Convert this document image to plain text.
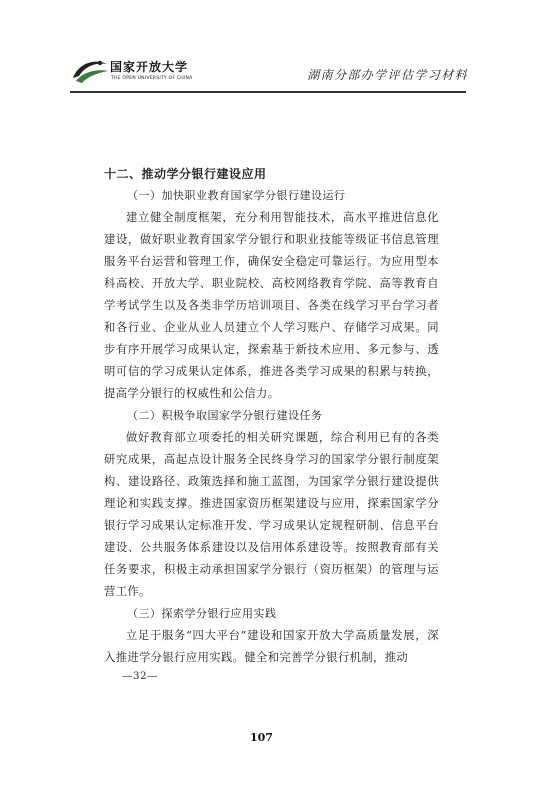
国家开放大学
THE OPEN UNIVERSITY OF CHINA	湖南分部办学评估学习材料
十二、推动学分银行建设应用
（一）加快职业教育国家学分银行建设运行
建立健全制度框架，充分利用智能技术，高水平推进信息化建设，做好职业教育国家学分银行和职业技能等级证书信息管理服务平台运营和管理工作，确保安全稳定可靠运行。为应用型本科高校、开放大学、职业院校、高校网络教育学院、高等教育自学考试学生以及各类非学历培训项目、各类在线学习平台学习者和各行业、企业从业人员建立个人学习账户、存储学习成果。同步有序开展学习成果认定，探索基于新技术应用、多元参与、透明可信的学习成果认定体系，推进各类学习成果的积累与转换，提高学分银行的权威性和公信力。
（二）积极争取国家学分银行建设任务
做好教育部立项委托的相关研究课题，综合利用已有的各类研究成果，高起点设计服务全民终身学习的国家学分银行制度架构、建设路径、政策选择和施工蓝图，为国家学分银行建设提供理论和实践支撑。推进国家资历框架建设与应用，探索国家学分银行学习成果认定标准开发、学习成果认定规程研制、信息平台建设、公共服务体系建设以及信用体系建设等。按照教育部有关任务要求，积极主动承担国家学分银行（资历框架）的管理与运营工作。
（三）探索学分银行应用实践
立足于服务“四大平台”建设和国家开放大学高质量发展，深入推进学分银行应用实践。健全和完善学分银行机制，推动
—32—
107
